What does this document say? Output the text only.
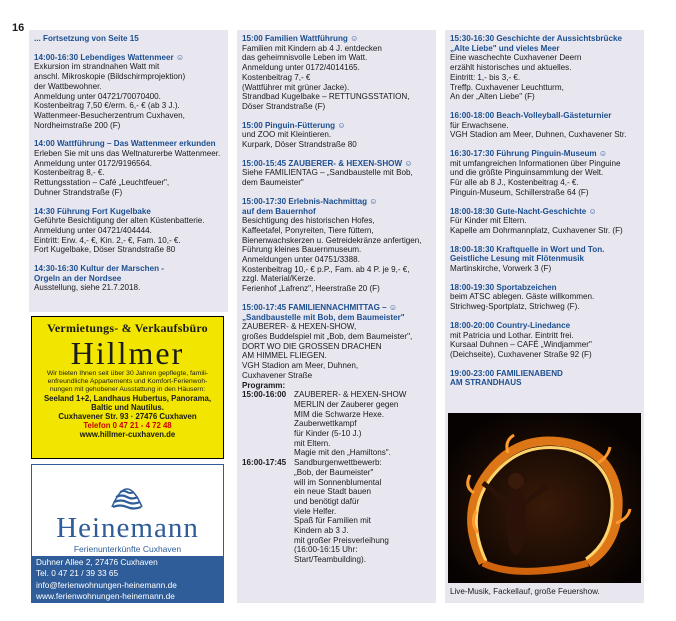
16
... Fortsetzung von Seite 15
14:00-16:30 Lebendiges Wattenmeer ☺
Exkursion im strandnahen Watt mit
anschl. Mikroskopie (Bildschirmprojektion)
der Wattbewohner.
Anmeldung unter 04721/70070400.
Kostenbeitrag 7,50 €/erm. 6,- € (ab 3 J.).
Wattenmeer-Besucherzentrum Cuxhaven,
Nordheimstraße 200 (F)
14:00 Wattführung – Das Wattenmeer erkunden
Erleben Sie mit uns das Weltnaturerbe Wattenmeer.
Anmeldung unter 0172/9196564.
Kostenbeitrag 8,- €.
Rettungsstation – Café „Leuchtfeuer",
Duhner Strandstraße (F)
14:30 Führung Fort Kugelbake
Geführte Besichtigung der alten Küstenbatterie.
Anmeldung unter 04721/404444.
Eintritt: Erw. 4,- €, Kin. 2,- €, Fam. 10,- €.
Fort Kugelbake, Döser Strandstraße 80
14:30-16:30 Kultur der Marschen -
Orgeln an der Nordsee
Ausstellung, siehe 21.7.2018.
15:00 Familien Wattführung ☺
Familien mit Kindern ab 4 J. entdecken
das geheimnisvolle Leben im Watt.
Anmeldung unter 0172/4014165.
Kostenbeitrag 7,- €
(Wattführer mit grüner Jacke).
Strandbad Kugelbake – RETTUNGSSTATION,
Döser Strandstraße (F)
15:00 Pinguin-Fütterung ☺
und ZOO mit Kleintieren.
Kurpark, Döser Strandstraße 80
15:00-15:45 ZAUBERER- & HEXEN-SHOW ☺
Siehe FAMILIENTAG – „Sandbaustelle mit Bob,
dem Baumeister"
15:00-17:30 Erlebnis-Nachmittag ☺
auf dem Bauernhof
Besichtigung des historischen Hofes,
Kaffeetafel, Ponyreiten, Tiere füttern,
Bienenwachskerzen u. Getreidekränze anfertigen,
Führung kleines Bauernmuseum.
Anmeldungen unter 04751/3388.
Kostenbeitrag 10,- € p.P., Fam. ab 4 P. je 9,- €,
zzgl. Material/Kerze.
Ferienhof „Lafrenz", Heerstraße 20 (F)
15:00-17:45 FAMILIENNACHMITTAG – ☺
„Sandbaustelle mit Bob, dem Baumeister"
ZAUBERER- & HEXEN-SHOW,
großes Buddelspiel mit „Bob, dem Baumeister",
DORT WO DIE GROSSEN DRACHEN
AM HIMMEL FLIEGEN.
VGH Stadion am Meer, Duhnen,
Cuxhavener Straße
Programm:
15:00-16:00 ZAUBERER- & HEXEN-SHOW
MERLIN der Zauberer gegen
MIM die Schwarze Hexe.
Zauberwettkampf
für Kinder (5-10 J.)
mit Eltern.
Magie mit den „Hamiltons".
16:00-17:45 Sandburgenwettbewerb:
„Bob, der Baumeister"
will im Sonnenblumental
ein neue Stadt bauen
und benötigt dafür
viele Helfer.
Spaß für Familien mit
Kindern ab 3 J.
mit großer Preisverleihung
(16:00-16:15 Uhr:
Start/Teambuilding).
15:30-16:30 Geschichte der Aussichtsbrücke
„Alte Liebe" und vieles Meer
Eine waschechte Cuxhavener Deern
erzählt historisches und aktuelles.
Eintritt: 1,- bis 3,- €.
Treffp. Cuxhavener Leuchtturm,
An der „Alten Liebe" (F)
16:00-18:00 Beach-Volleyball-Gästeturnier
für Erwachsene.
VGH Stadion am Meer, Duhnen, Cuxhavener Str.
16:30-17:30 Führung Pinguin-Museum ☺
mit umfangreichen Informationen über Pinguine
und die größte Pinguinsammlung der Welt.
Für alle ab 8 J., Kostenbeitrag 4,- €.
Pinguin-Museum, Schillerstraße 64 (F)
18:00-18:30 Gute-Nacht-Geschichte ☺
Für Kinder mit Eltern.
Kapelle am Dohrmannplatz, Cuxhavener Str. (F)
18:00-18:30 Kraftquelle in Wort und Ton.
Geistliche Lesung mit Flötenmusik
Martinskirche, Vorwerk 3 (F)
18:00-19:30 Sportabzeichen
beim ATSC ablegen. Gäste willkommen.
Strichweg-Sportplatz, Strichweg (F).
18:00-20:00 Country-Linedance
mit Patricia und Lothar. Eintritt frei.
Kursaal Duhnen – CAFÉ „Windjammer"
(Deichseite), Cuxhavener Straße 92 (F)
19:00-23:00 FAMILIENABEND
AM STRANDHAUS
Vermietungs- & Verkaufsbüro
Hillmer
Wir bieten Ihnen seit über 30 Jahren gepflegte, famili-
enfreundliche Appartements und Komfort-Ferienwoh-
nungen mit gehobener Ausstattung in den Häusern:
Seeland 1+2, Landhaus Hubertus, Panorama,
Baltic und Nautilus.
Cuxhavener Str. 93 · 27476 Cuxhaven
Telefon 0 47 21 - 4 72 48
www.hillmer-cuxhaven.de
Heinemann
Ferienunterkünfte Cuxhaven
Duhner Allee 2, 27476 Cuxhaven
Tel. 0 47 21 / 39 33 65
info@ferienwohnungen-heinemann.de
www.ferienwohnungen-heinemann.de	Live-Musik, Fackellauf, große Feuershow.
